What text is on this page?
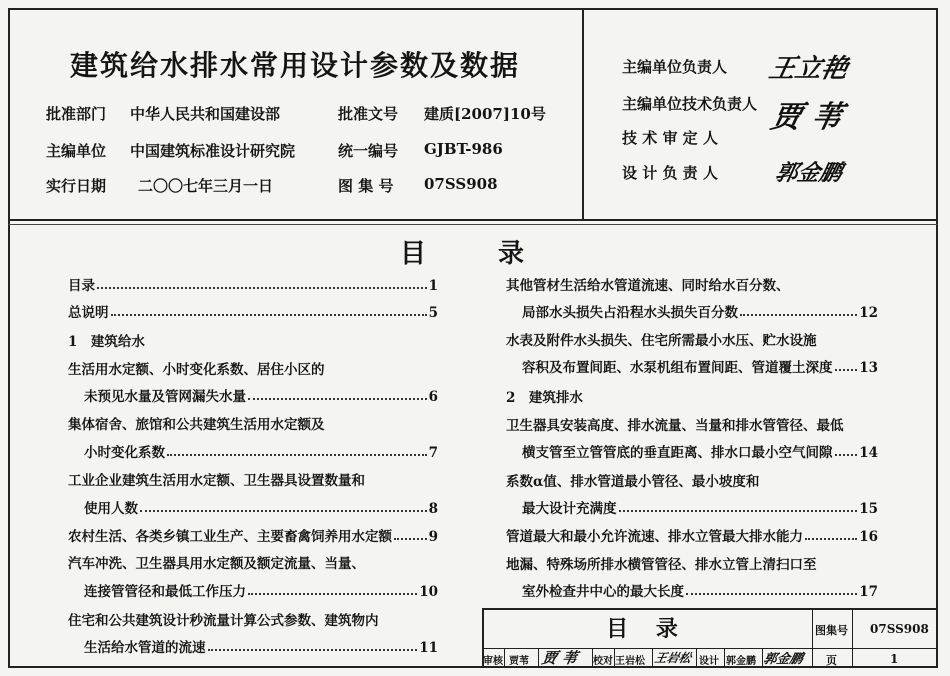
建筑给水排水常用设计参数及数据
批准部门 中华人民共和国建设部	批准文号 建质[2007]10号
主编单位 中国建筑标准设计研究院	统一编号 GJBT-986
实行日期 二〇〇七年三月一日	图 集 号 07SS908
主编单位负责人 王立艳
主编单位技术负责人 贾 苇
技 术 审 定 人
设 计 负 责 人	郭金鹏
目	录
目录	1
总说明	5
1　建筑给水
生活用水定额、小时变化系数、居住小区的
未预见水量及管网漏失水量	6
集体宿舍、旅馆和公共建筑生活用水定额及
小时变化系数	7
工业企业建筑生活用水定额、卫生器具设置数量和
使用人数	8
农村生活、各类乡镇工业生产、主要畜禽饲养用水定额	9
汽车冲洗、卫生器具用水定额及额定流量、当量、
连接管管径和最低工作压力	10
住宅和公共建筑设计秒流量计算公式参数、建筑物内
生活给水管道的流速	11
其他管材生活给水管道流速、同时给水百分数、
局部水头损失占沿程水头损失百分数	12
水表及附件水头损失、住宅所需最小水压、贮水设施
容积及布置间距、水泵机组布置间距、管道覆土深度 13
2　建筑排水
卫生器具安装高度、排水流量、当量和排水管管径、最低
横支管至立管管底的垂直距离、排水口最小空气间隙 14
系数α值、排水管道最小管径、最小坡度和
最大设计充满度	15
管道最大和最小允许流速、排水立管最大排水能力	16
地漏、特殊场所排水横管管径、排水立管上清扫口至
室外检查井中心的最大长度	17
目 录	图集号 07SS908
页	1
审核 贾苇 贾 苇 校对 王岩松 王岩松 设计 郭金鹏 郭金鹏
